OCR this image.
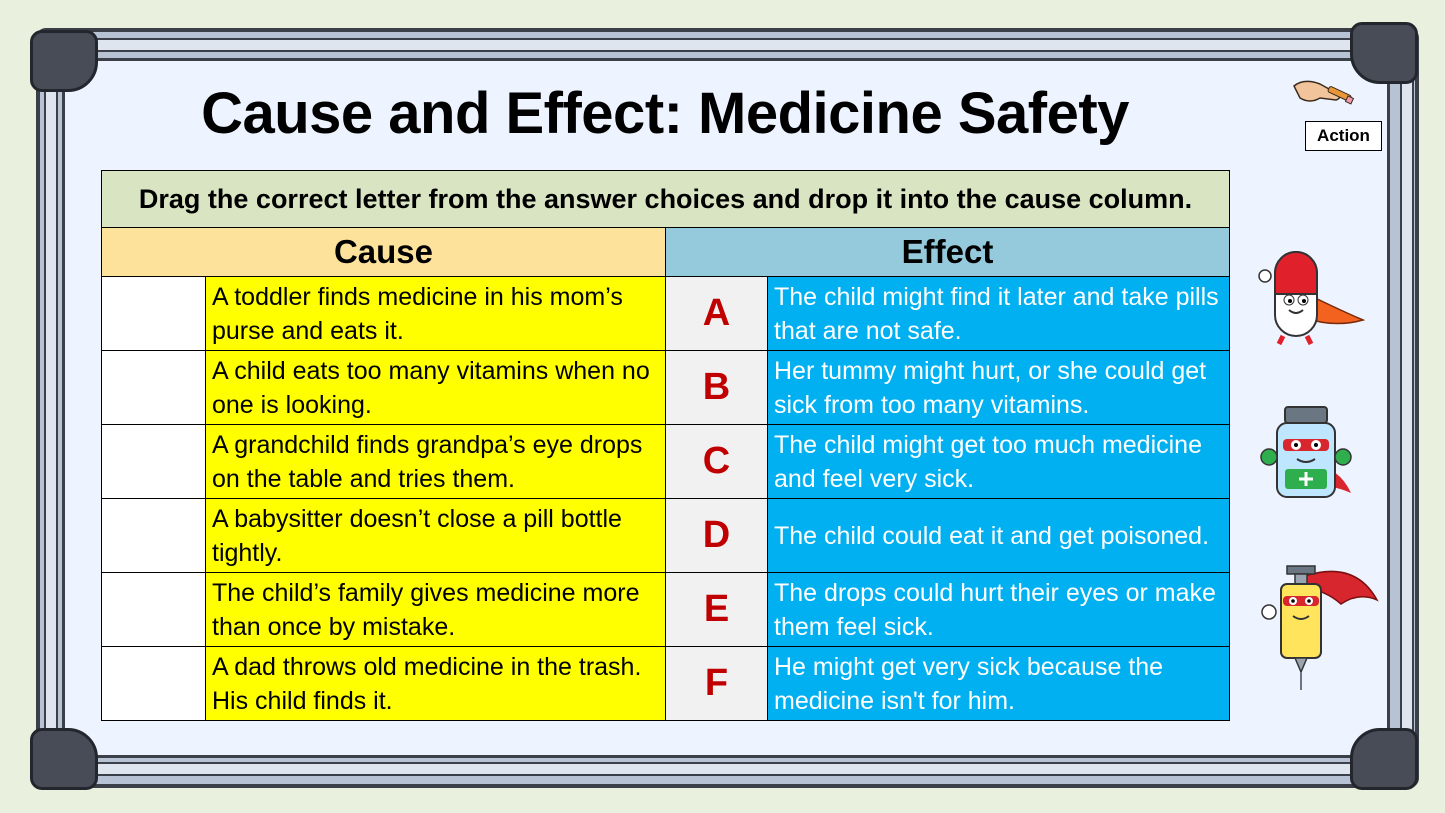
Cause and Effect: Medicine Safety
Drag the correct letter from the answer choices and drop it into the cause column.			
Cause		Effect	
	A toddler finds medicine in his mom’s purse and eats it.	A	The child might find it later and take pills that are not safe.
	A child eats too many vitamins when no one is looking.	B	Her tummy might hurt, or she could get sick from too many vitamins.
	A grandchild finds grandpa’s eye drops on the table and tries them.	C	The child might get too much medicine and feel very sick.
	A babysitter doesn’t close a pill bottle tightly.	D	The child could eat it and get poisoned.
	The child’s family gives medicine more than once by mistake.	E	The drops could hurt their eyes or make them feel sick.
	A dad throws old medicine in the trash. His child finds it.	F	He might get very sick because the medicine isn't for him.
Action
